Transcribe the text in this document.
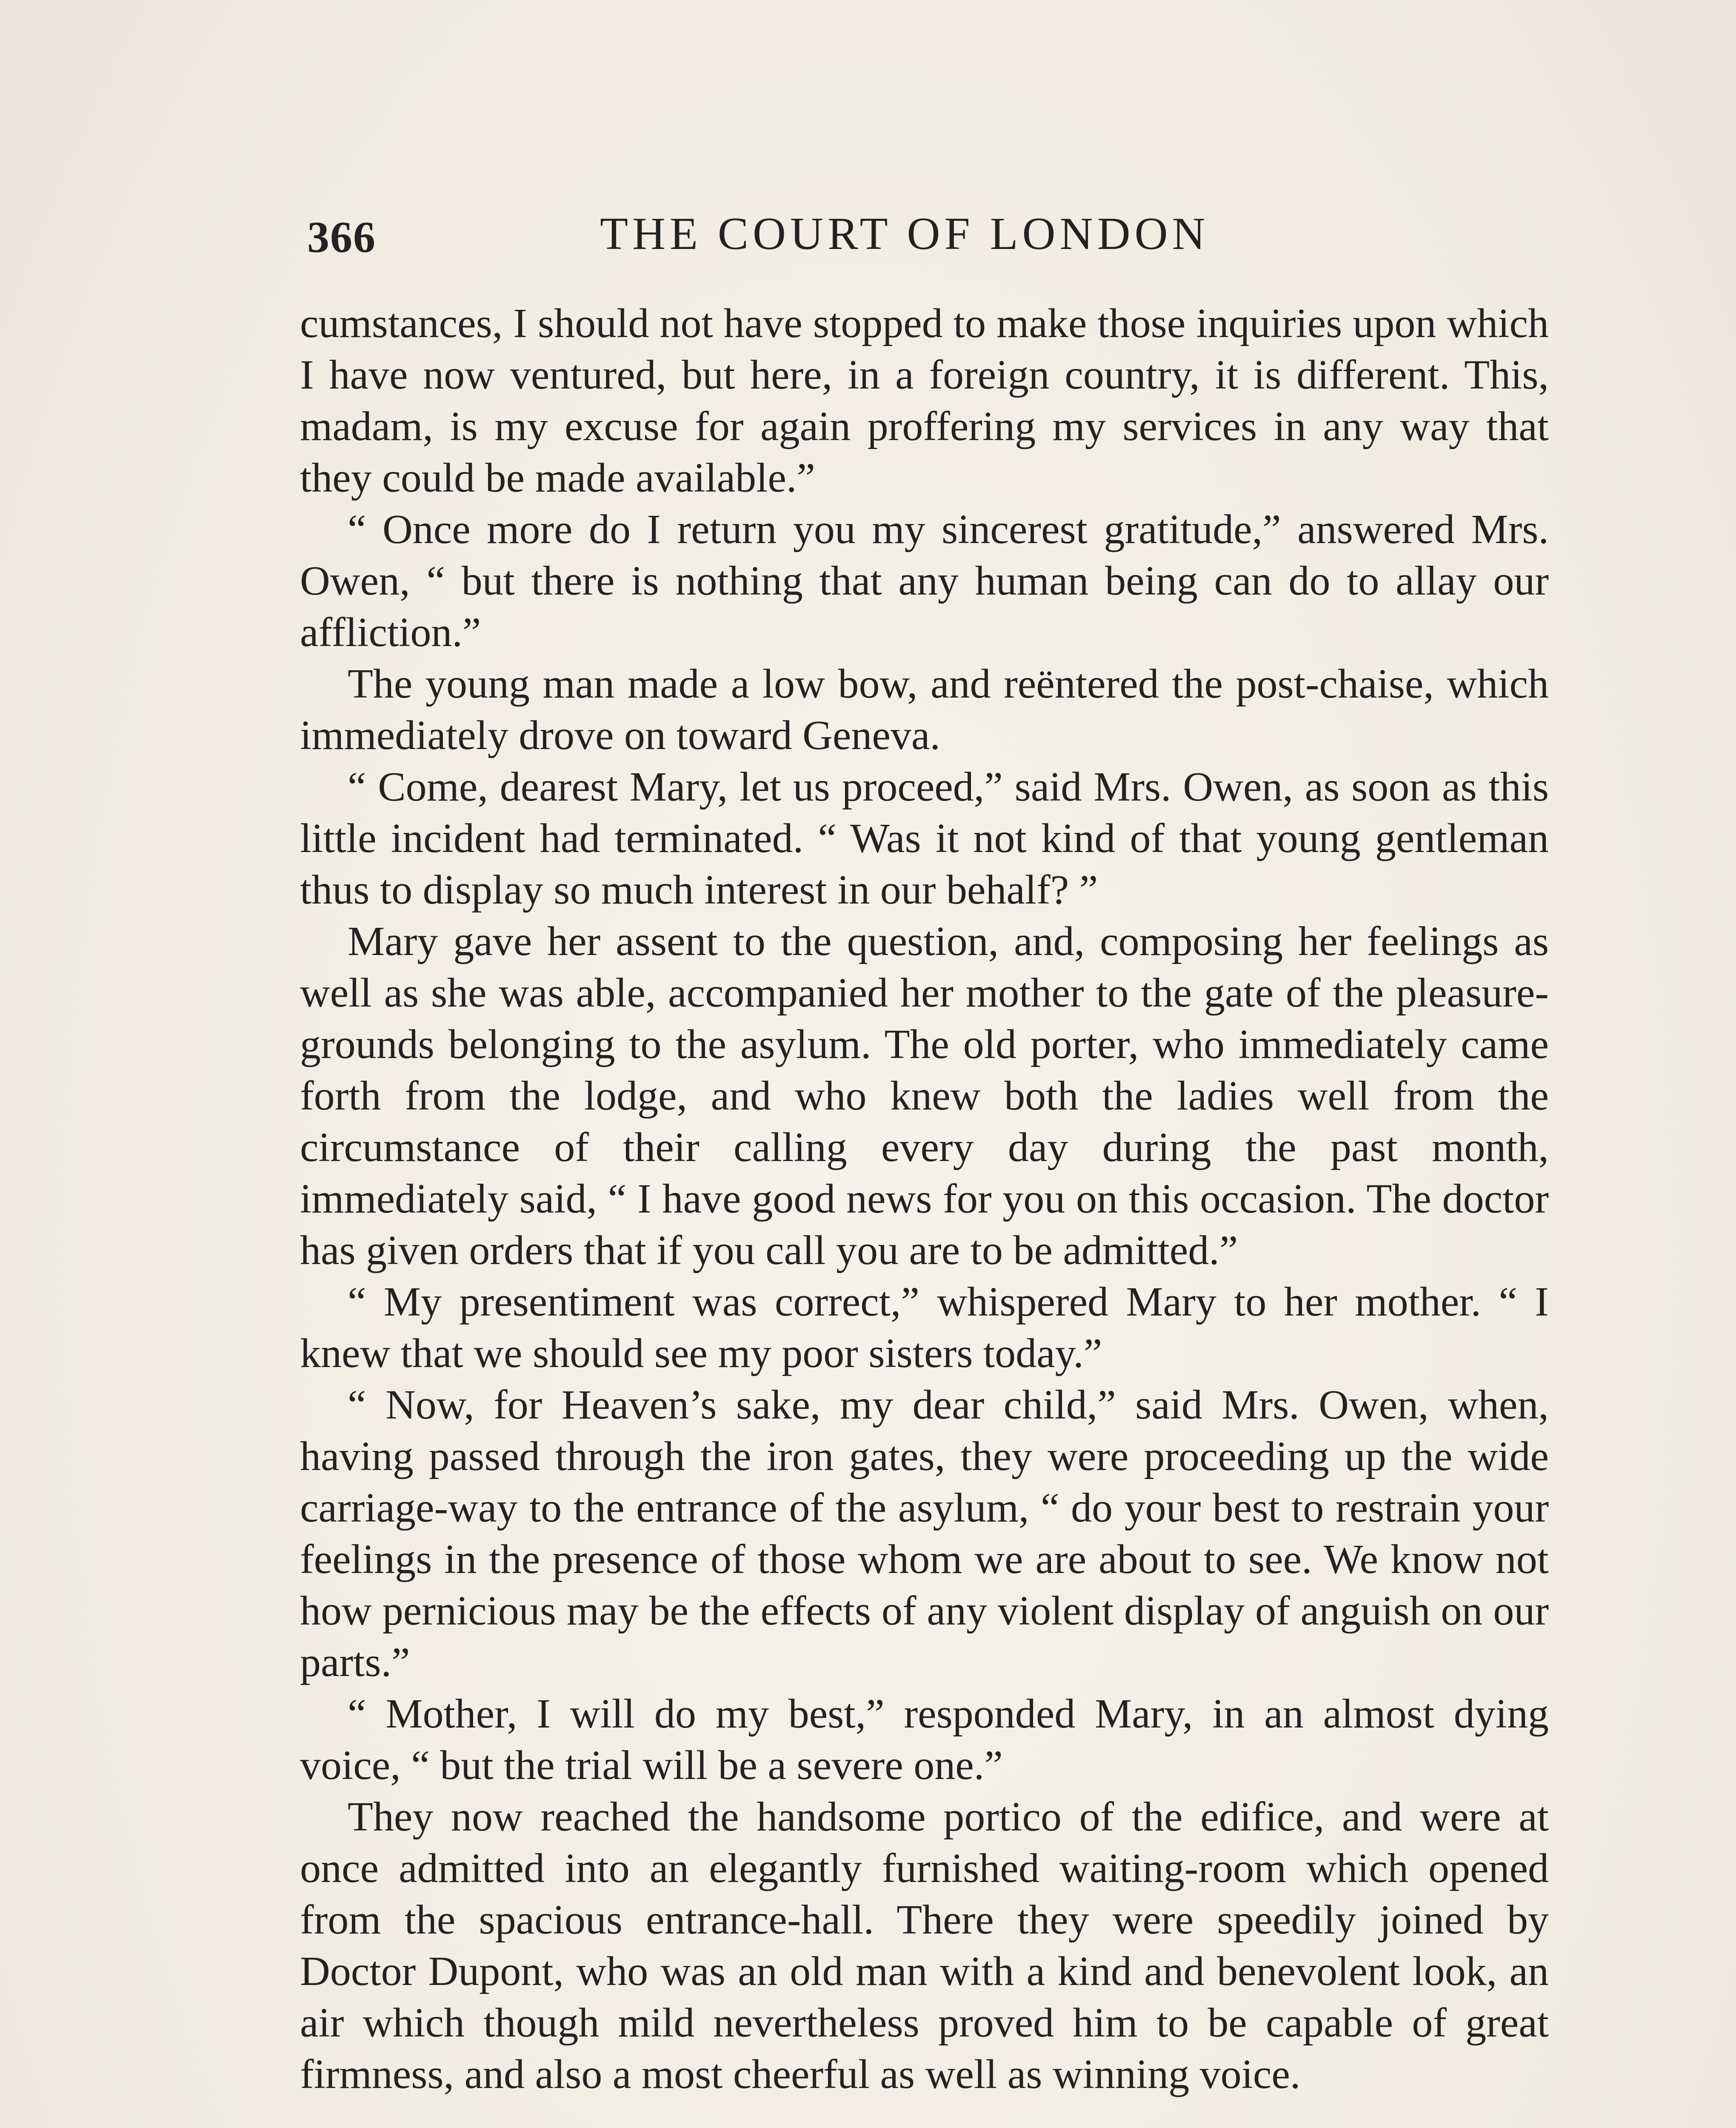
366	THE COURT OF LONDON

cumstances, I should not have stopped to make those inquiries upon which I have now ventured, but here, in a foreign country, it is different. This, madam, is my excuse for again proffering my services in any way that they could be made available.”

“ Once more do I return you my sincerest gratitude,” answered Mrs. Owen, “ but there is nothing that any human being can do to allay our affliction.”

The young man made a low bow, and reëntered the post-chaise, which immediately drove on toward Geneva.

“ Come, dearest Mary, let us proceed,” said Mrs. Owen, as soon as this little incident had terminated. “ Was it not kind of that young gentleman thus to display so much interest in our behalf? ”

Mary gave her assent to the question, and, composing her feelings as well as she was able, accompanied her mother to the gate of the pleasure-grounds belonging to the asylum. The old porter, who immediately came forth from the lodge, and who knew both the ladies well from the circumstance of their calling every day during the past month, immediately said, “ I have good news for you on this occasion. The doctor has given orders that if you call you are to be admitted.”

“ My presentiment was correct,” whispered Mary to her mother. “ I knew that we should see my poor sisters today.”

“ Now, for Heaven’s sake, my dear child,” said Mrs. Owen, when, having passed through the iron gates, they were proceeding up the wide carriage-way to the entrance of the asylum, “ do your best to restrain your feelings in the presence of those whom we are about to see. We know not how pernicious may be the effects of any violent display of anguish on our parts.”

“ Mother, I will do my best,” responded Mary, in an almost dying voice, “ but the trial will be a severe one.”

They now reached the handsome portico of the edifice, and were at once admitted into an elegantly furnished waiting-room which opened from the spacious entrance-hall. There they were speedily joined by Doctor Dupont, who was an old man with a kind and benevolent look, an air which though mild nevertheless proved him to be capable of great firmness, and also a most cheerful as well as winning voice.
